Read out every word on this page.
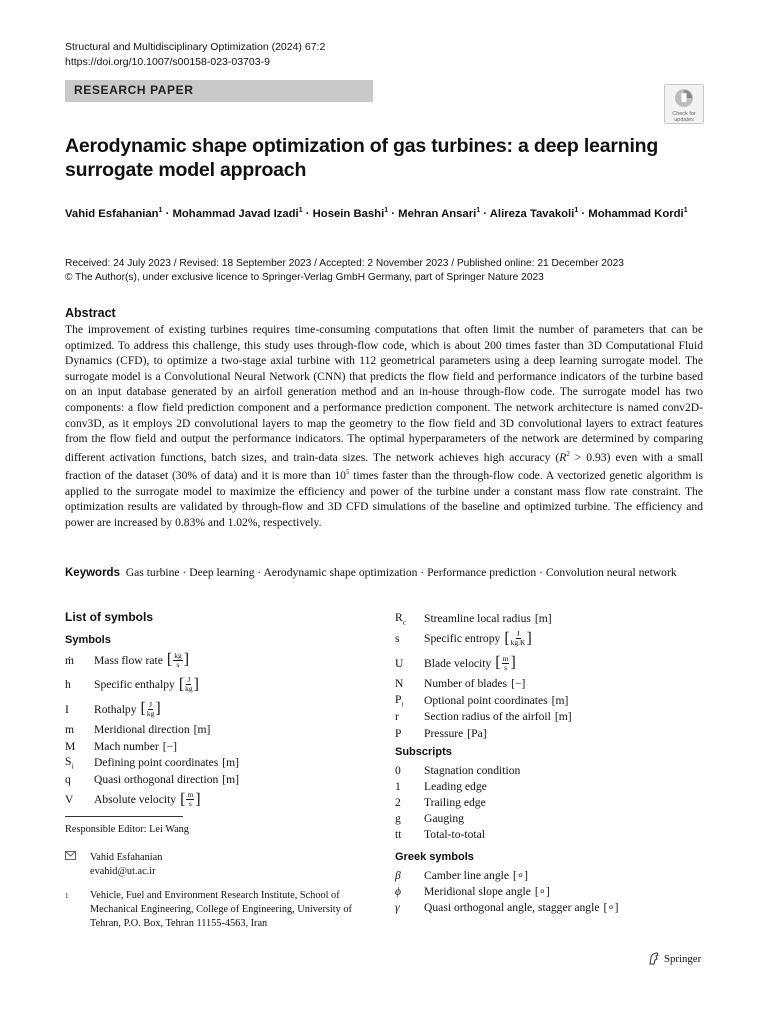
Structural and Multidisciplinary Optimization (2024) 67:2
https://doi.org/10.1007/s00158-023-03703-9
RESEARCH PAPER
Check for
updates
Aerodynamic shape optimization of gas turbines: a deep learning surrogate model approach
Vahid Esfahanian$^1$ · Mohammad Javad Izadi$^1$ · Hosein Bashi$^1$ · Mehran Ansari$^1$ · Alireza Tavakoli$^1$ · Mohammad Kordi$^1$
Received: 24 July 2023 / Revised: 18 September 2023 / Accepted: 2 November 2023 / Published online: 21 December 2023
© The Author(s), under exclusive licence to Springer-Verlag GmbH Germany, part of Springer Nature 2023
Abstract
The improvement of existing turbines requires time-consuming computations that often limit the number of parameters that can be optimized. To address this challenge, this study uses through-flow code, which is about 200 times faster than 3D Computational Fluid Dynamics (CFD), to optimize a two-stage axial turbine with 112 geometrical parameters using a deep learning surrogate model. The surrogate model is a Convolutional Neural Network (CNN) that predicts the flow field and performance indicators of the turbine based on an input database generated by an airfoil generation method and an in-house through-flow code. The surrogate model has two components: a flow field prediction component and a performance prediction component. The network architecture is named conv2D-conv3D, as it employs 2D convolutional layers to map the geometry to the flow field and 3D convolutional layers to extract features from the flow field and output the performance indicators. The optimal hyperparameters of the network are determined by comparing different activation functions, batch sizes, and train-data sizes. The network achieves high accuracy $(R^2 > 0.93)$ even with a small fraction of the dataset (30% of data) and it is more than $10^5$ times faster than the through-flow code. A vectorized genetic algorithm is applied to the surrogate model to maximize the efficiency and power of the turbine under a constant mass flow rate constraint. The optimization results are validated by through-flow and 3D CFD simulations of the baseline and optimized turbine. The efficiency and power are increased by 0.83% and 1.02%, respectively.
Keywords Gas turbine · Deep learning · Aerodynamic shape optimization · Performance prediction · Convolution neural network
List of symbols
Symbols
ṁ	Mass flow rate [ $\frac{kg}{s}$ ]
h	Specific enthalpy [ $\frac{J}{kg}$ ]
I	Rothalpy [ $\frac{J}{kg}$ ]
m	Meridional direction [m]
M	Mach number [−]
$S_i$	Defining point coordinates [m]
q	Quasi orthogonal direction [m]
V	Absolute velocity [ $\frac{m}{s}$ ]
$R_c$	Streamline local radius [m]
s	Specific entropy [ $\frac{J}{kg.K}$ ]
U	Blade velocity [ $\frac{m}{s}$ ]
N	Number of blades [−]
$P_i$	Optional point coordinates [m]
r	Section radius of the airfoil [m]
P	Pressure [Pa]
Subscripts
0	Stagnation condition
1	Leading edge
2	Trailing edge
g	Gauging
tt	Total-to-total
Greek symbols
β	Camber line angle [∘]
ϕ	Meridional slope angle [∘]
γ	Quasi orthogonal angle, stagger angle [∘]
Responsible Editor: Lei Wang
Vahid Esfahanian
evahid@ut.ac.ir
1	Vehicle, Fuel and Environment Research Institute, School of Mechanical Engineering, College of Engineering, University of Tehran, P.O. Box, Tehran 11155-4563, Iran
Springer
